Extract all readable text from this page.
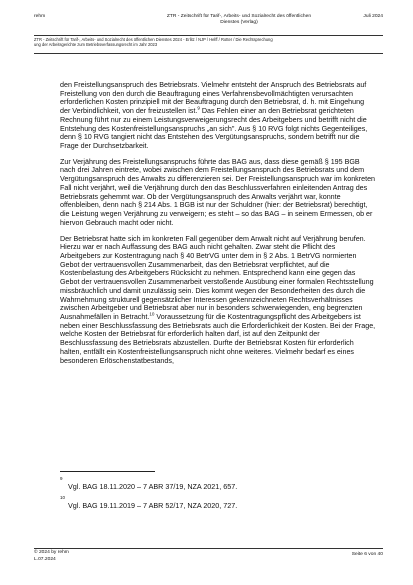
rehm	ZTR - Zeitschrift für Tarif-, Arbeits- und Sozialrecht des öffentlichen
Dienstes (Verlag)
Juli 2024
ZTR - Zeitschrift für Tarif-, Arbeits- und Sozialrecht des öffentlichen Dienstes 2024 - Erlitz / NJP / Helff / Rotter / Die Rechtsprechung
ung der Arbeitsgerichte zum Betriebsverfassungsrecht im Jahr 2023

den Freistellungsanspruch des Betriebsrats. Vielmehr entsteht der Anspruch des Betriebsrats auf Freistellung von den durch die Beauftragung eines Verfahrensbevollmächtigten verursachten erforderlichen Kosten prinzipiell mit der Beauftragung durch den Betriebsrat, d. h. mit Eingehung der Verbindlichkeit, von der freizustellen ist.$^9$ Das Fehlen einer an den Betriebsrat gerichteten Rechnung führt nur zu einem Leistungsverweigerungsrecht des Arbeitgebers und betrifft nicht die Entstehung des Kostenfreistellungsanspruchs „an sich". Aus § 10 RVG folgt nichts Gegenteiliges, denn § 10 RVG tangiert nicht das Entstehen des Vergütungsanspruchs, sondern betrifft nur die Frage der Durchsetzbarkeit.

Zur Verjährung des Freistellungsanspruchs führte das BAG aus, dass diese gemäß § 195 BGB nach drei Jahren eintrete, wobei zwischen dem Freistellungsanspruch des Betriebsrats und dem Vergütungsanspruch des Anwalts zu differenzieren sei. Der Freistellungsanspruch war im konkreten Fall nicht verjährt, weil die Verjährung durch den das Beschlussverfahren einleitenden Antrag des Betriebsrats gehemmt war. Ob der Vergütungsanspruch des Anwalts verjährt war, konnte offenbleiben, denn nach § 214 Abs. 1 BGB ist nur der Schuldner (hier: der Betriebsrat) berechtigt, die Leistung wegen Verjährung zu verweigern; es steht – so das BAG – in seinem Ermessen, ob er hiervon Gebrauch macht oder nicht.

Der Betriebsrat hatte sich im konkreten Fall gegenüber dem Anwalt nicht auf Verjährung berufen. Hierzu war er nach Auffassung des BAG auch nicht gehalten. Zwar steht die Pflicht des Arbeitgebers zur Kostentragung nach § 40 BetrVG unter dem in § 2 Abs. 1 BetrVG normierten Gebot der vertrauensvollen Zusammenarbeit, das den Betriebsrat verpflichtet, auf die Kostenbelastung des Arbeitgebers Rücksicht zu nehmen. Entsprechend kann eine gegen das Gebot der vertrauensvollen Zusammenarbeit verstoßende Ausübung einer formalen Rechtsstellung missbräuchlich und damit unzulässig sein. Dies kommt wegen der Besonderheiten des durch die Wahrnehmung strukturell gegensätzlicher Interessen gekennzeichneten Rechtsverhältnisses zwischen Arbeitgeber und Betriebsrat aber nur in besonders schwerwiegenden, eng begrenzten Ausnahmefällen in Betracht.$^{10}$ Voraussetzung für die Kostentragungspflicht des Arbeitgebers ist neben einer Beschlussfassung des Betriebsrats auch die Erforderlichkeit der Kosten. Bei der Frage, welche Kosten der Betriebsrat für erforderlich halten darf, ist auf den Zeitpunkt der Beschlussfassung des Betriebsrats abzustellen. Durfte der Betriebsrat Kosten für erforderlich halten, entfällt ein Kostenfreistellungsanspruch nicht ohne weiteres. Vielmehr bedarf es eines besonderen Erlöschenstatbestands,

9
Vgl. BAG 18.11.2020 – 7 ABR 37/19, NZA 2021, 657.
10
Vgl. BAG 19.11.2019 – 7 ABR 52/17, NZA 2020, 727.
© 2024 by rehm
L.07.2024
Seite 6 von 40
